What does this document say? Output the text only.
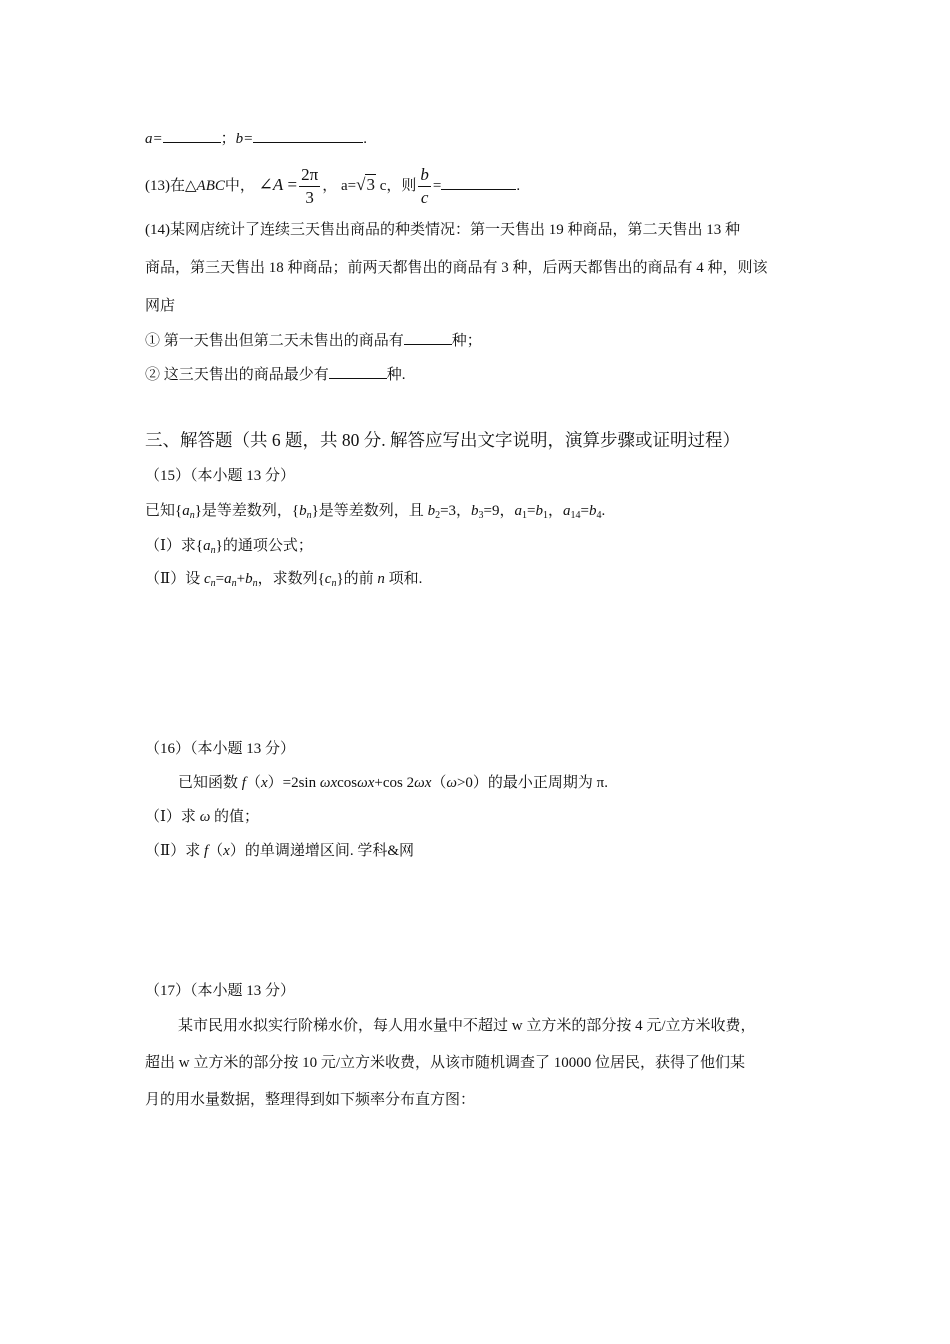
a=	；b=	.
(13)在△ABC中， ∠A = $\frac{2\pi}{3}$ ， a=√3 c，则 $\frac{b}{c}$ =	.
(14)某网店统计了连续三天售出商品的种类情况：第一天售出 19 种商品，第二天售出 13 种
商品，第三天售出 18 种商品；前两天都售出的商品有 3 种，后两天都售出的商品有 4 种，则该
网店
① 第一天售出但第二天未售出的商品有	种；
② 这三天售出的商品最少有	种.
三、解答题（共 6 题，共 80 分. 解答应写出文字说明，演算步骤或证明过程）
（15）（本小题 13 分）
已知$\{a_n\}$是等差数列，$\{b_n\}$是等差数列，且 $b_2=3$，$b_3=9$，$a_1=b_1$，$a_{14}=b_4$.
（Ⅰ）求$\{a_n\}$的通项公式；
（Ⅱ）设 $c_n=a_n+b_n$，求数列$\{c_n\}$的前 n 项和.
（16）（本小题 13 分）
已知函数 f（x）=2sin ωxcosωx+cos 2ωx（ω>0）的最小正周期为 π.
（Ⅰ）求 ω 的值；
（Ⅱ）求 f（x）的单调递增区间. 学科&网
（17）（本小题 13 分）
某市民用水拟实行阶梯水价，每人用水量中不超过 w 立方米的部分按 4 元/立方米收费，
超出 w 立方米的部分按 10 元/立方米收费，从该市随机调查了 10000 位居民，获得了他们某
月的用水量数据，整理得到如下频率分布直方图：
